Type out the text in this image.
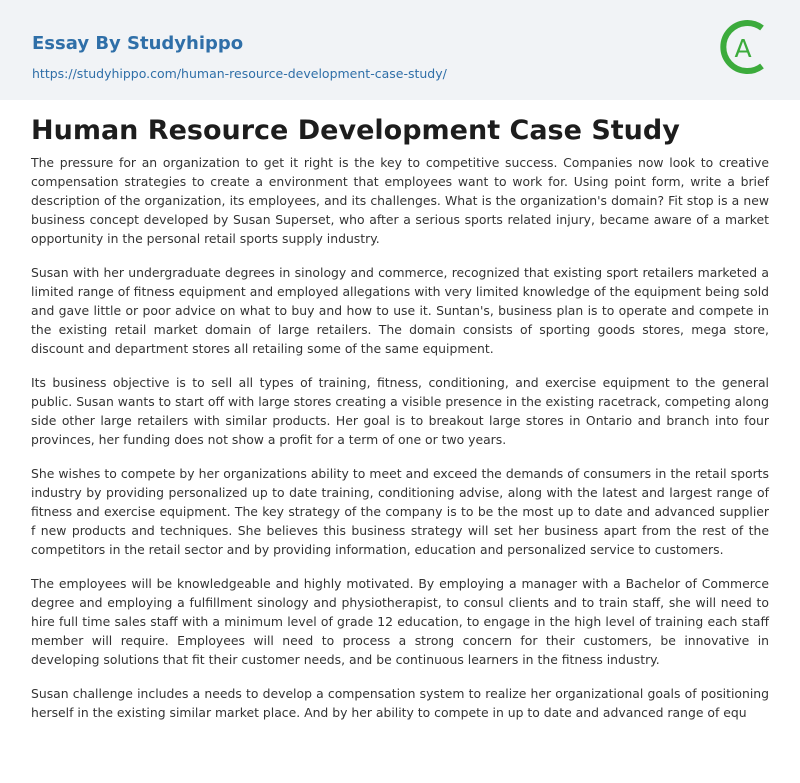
Essay By Studyhippo
https://studyhippo.com/human-resource-development-case-study/
A
Human Resource Development Case Study

The pressure for an organization to get it right is the key to competitive success. Companies now look to creative compensation strategies to create a environment that employees want to work for. Using point form, write a brief description of the organization, its employees, and its challenges. What is the organization's domain? Fit stop is a new business concept developed by Susan Superset, who after a serious sports related injury, became aware of a market opportunity in the personal retail sports supply industry.

Susan with her undergraduate degrees in sinology and commerce, recognized that existing sport retailers marketed a limited range of fitness equipment and employed allegations with very limited knowledge of the equipment being sold and gave little or poor advice on what to buy and how to use it. Suntan's, business plan is to operate and compete in the existing retail market domain of large retailers. The domain consists of sporting goods stores, mega store, discount and department stores all retailing some of the same equipment.

Its business objective is to sell all types of training, fitness, conditioning, and exercise equipment to the general public. Susan wants to start off with large stores creating a visible presence in the existing racetrack, competing along side other large retailers with similar products. Her goal is to breakout large stores in Ontario and branch into four provinces, her funding does not show a profit for a term of one or two years.

She wishes to compete by her organizations ability to meet and exceed the demands of consumers in the retail sports industry by providing personalized up to date training, conditioning advise, along with the latest and largest range of fitness and exercise equipment. The key strategy of the company is to be the most up to date and advanced supplier f new products and techniques. She believes this business strategy will set her business apart from the rest of the competitors in the retail sector and by providing information, education and personalized service to customers.

The employees will be knowledgeable and highly motivated. By employing a manager with a Bachelor of Commerce degree and employing a fulfillment sinology and physiotherapist, to consul clients and to train staff, she will need to hire full time sales staff with a minimum level of grade 12 education, to engage in the high level of training each staff member will require. Employees will need to process a strong concern for their customers, be innovative in developing solutions that fit their customer needs, and be continuous learners in the fitness industry.

Susan challenge includes a needs to develop a compensation system to realize her organizational goals of positioning herself in the existing similar market place. And by her ability to compete in up to date and advanced range of equ
